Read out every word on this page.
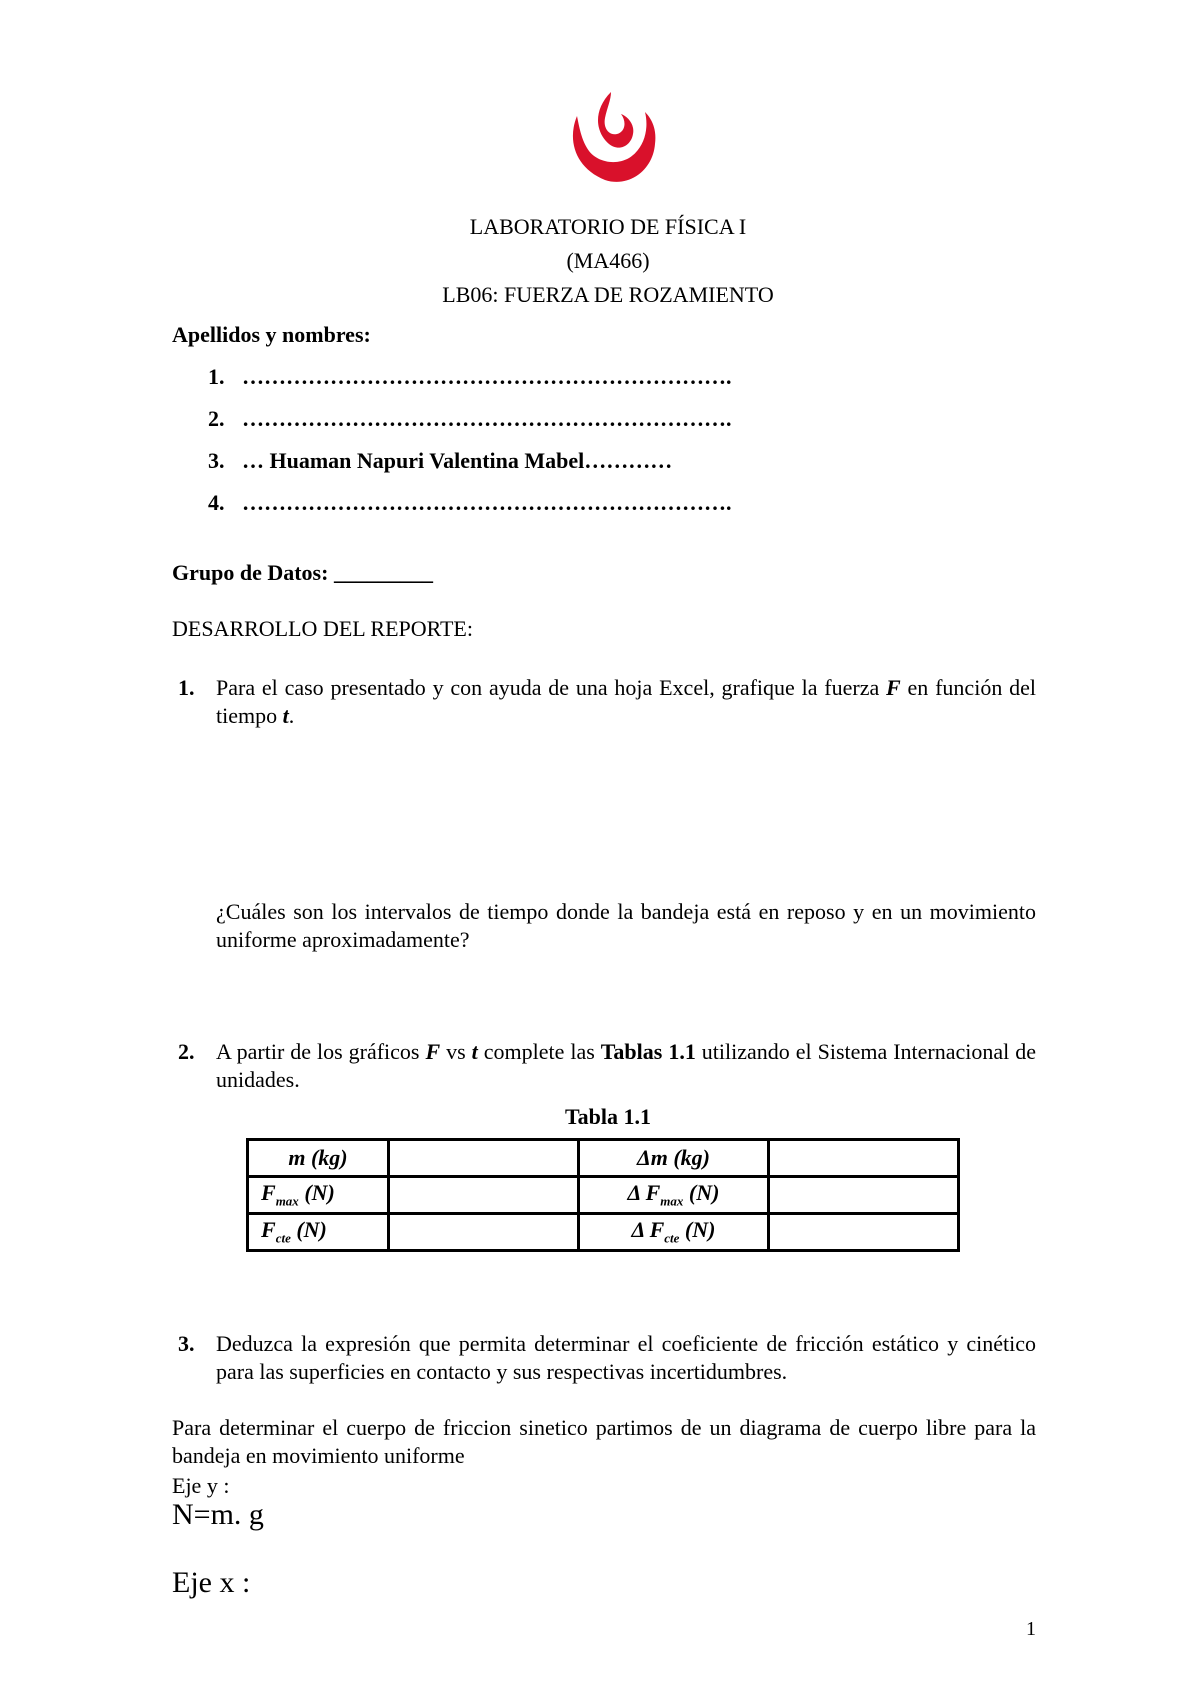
LABORATORIO DE FÍSICA I
(MA466)
LB06: FUERZA DE ROZAMIENTO
Apellidos y nombres:
1. ………………………………………………………….
2. ………………………………………………………….
3. … Huaman Napuri Valentina Mabel…………
4. ………………………………………………………….
Grupo de Datos: _________
DESARROLLO DEL REPORTE:
1. Para el caso presentado y con ayuda de una hoja Excel, grafique la fuerza F en función del tiempo t.
¿Cuáles son los intervalos de tiempo donde la bandeja está en reposo y en un movimiento uniforme aproximadamente?
2. A partir de los gráficos F vs t complete las Tablas 1.1 utilizando el Sistema Internacional de unidades.
Tabla 1.1
m (kg)		Δm (kg)	
$F_{max}$ (N)		Δ $F_{max}$ (N)	
$F_{cte}$ (N)		Δ $F_{cte}$ (N)	
3. Deduzca la expresión que permita determinar el coeficiente de fricción estático y cinético para las superficies en contacto y sus respectivas incertidumbres.
Para determinar el cuerpo de friccion sinetico partimos de un diagrama de cuerpo libre para la bandeja en movimiento uniforme
Eje y :
N=m. g
Eje x :
1
